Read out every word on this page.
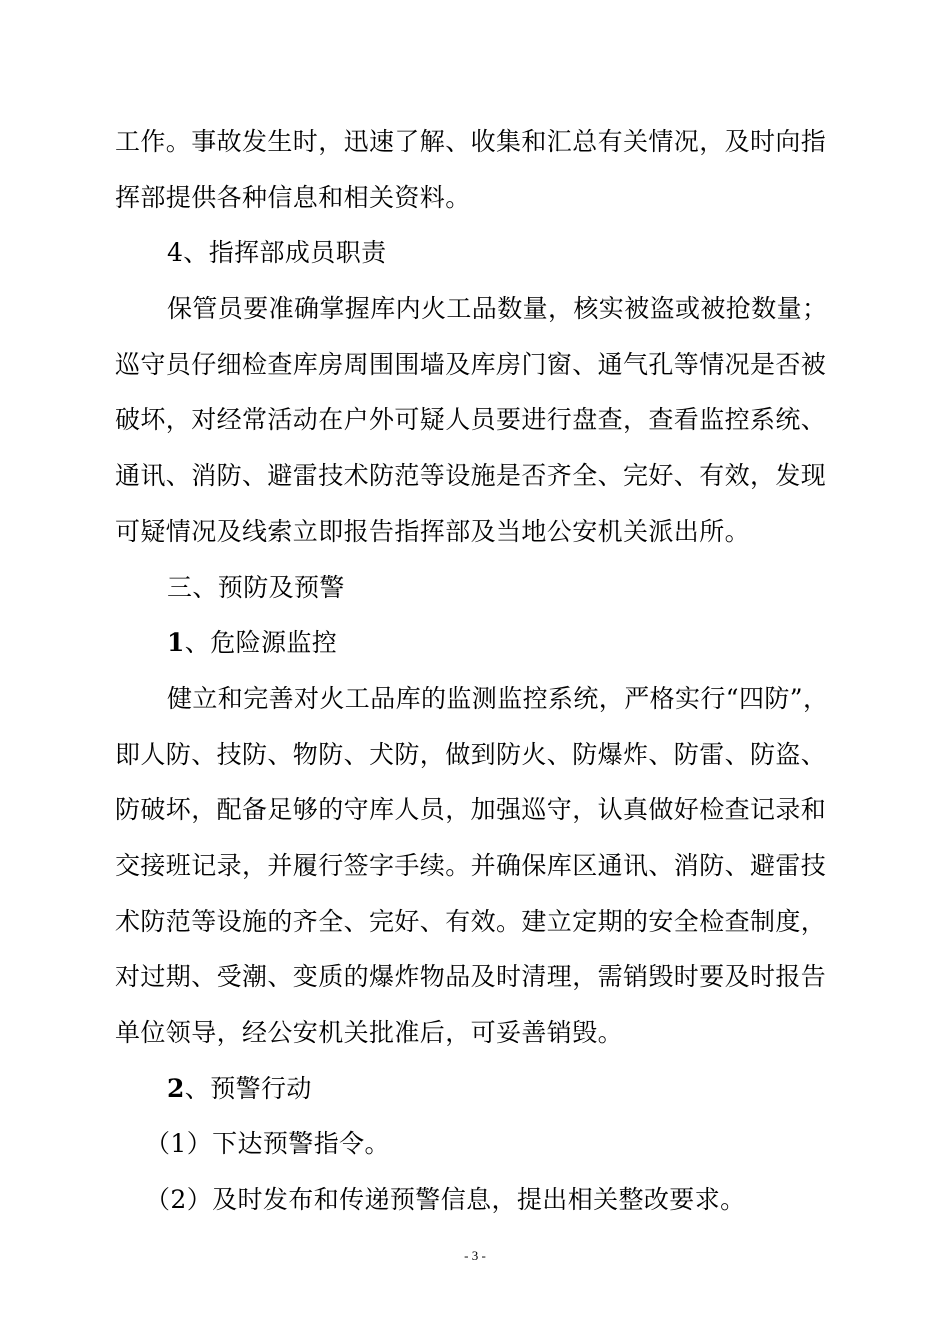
工作。事故发生时，迅速了解、收集和汇总有关情况，及时向指
挥部提供各种信息和相关资料。
4、指挥部成员职责
保管员要准确掌握库内火工品数量，核实被盗或被抢数量；
巡守员仔细检查库房周围围墙及库房门窗、通气孔等情况是否被
破坏，对经常活动在户外可疑人员要进行盘查，查看监控系统、
通讯、消防、避雷技术防范等设施是否齐全、完好、有效，发现
可疑情况及线索立即报告指挥部及当地公安机关派出所。
三、预防及预警
1、危险源监控
健立和完善对火工品库的监测监控系统，严格实行“四防”，
即人防、技防、物防、犬防，做到防火、防爆炸、防雷、防盗、
防破坏，配备足够的守库人员，加强巡守，认真做好检查记录和
交接班记录，并履行签字手续。并确保库区通讯、消防、避雷技
术防范等设施的齐全、完好、有效。建立定期的安全检查制度，
对过期、受潮、变质的爆炸物品及时清理，需销毁时要及时报告
单位领导，经公安机关批准后，可妥善销毁。
2、预警行动
（1）下达预警指令。
（2）及时发布和传递预警信息，提出相关整改要求。
- 3 -
